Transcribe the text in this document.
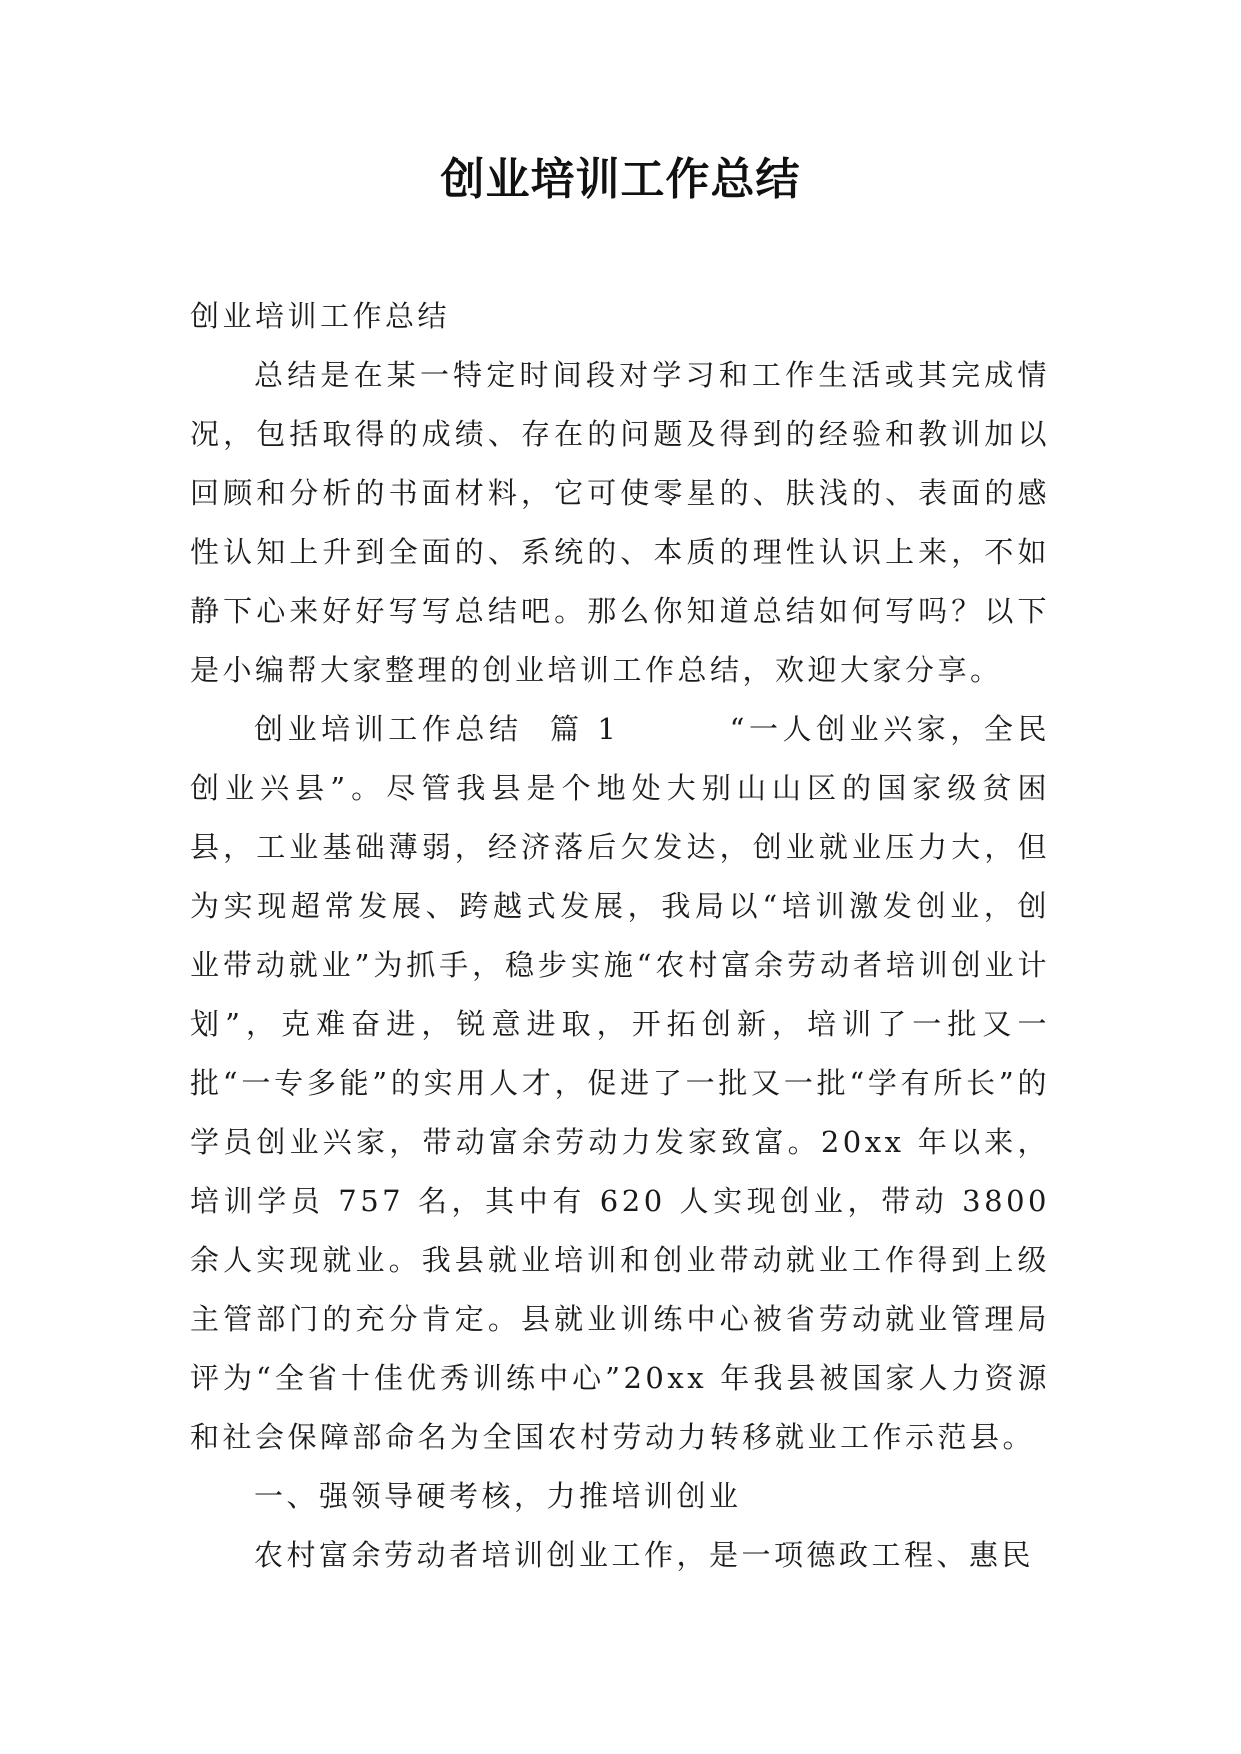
创业培训工作总结

创业培训工作总结

总结是在某一特定时间段对学习和工作生活或其完成情况，包括取得的成绩、存在的问题及得到的经验和教训加以回顾和分析的书面材料，它可使零星的、肤浅的、表面的感性认知上升到全面的、系统的、本质的理性认识上来，不如静下心来好好写写总结吧。那么你知道总结如何写吗？以下是小编帮大家整理的创业培训工作总结，欢迎大家分享。

创业培训工作总结  篇 1        “一人创业兴家，全民创业兴县”。尽管我县是个地处大别山山区的国家级贫困县，工业基础薄弱，经济落后欠发达，创业就业压力大，但为实现超常发展、跨越式发展，我局以“培训激发创业，创业带动就业”为抓手，稳步实施“农村富余劳动者培训创业计划”，克难奋进，锐意进取，开拓创新，培训了一批又一批“一专多能”的实用人才，促进了一批又一批“学有所长”的学员创业兴家，带动富余劳动力发家致富。20xx 年以来，培训学员 757 名，其中有 620 人实现创业，带动 3800 余人实现就业。我县就业培训和创业带动就业工作得到上级主管部门的充分肯定。县就业训练中心被省劳动就业管理局评为“全省十佳优秀训练中心”20xx 年我县被国家人力资源和社会保障部命名为全国农村劳动力转移就业工作示范县。

一、强领导硬考核，力推培训创业

农村富余劳动者培训创业工作，是一项德政工程、惠民
